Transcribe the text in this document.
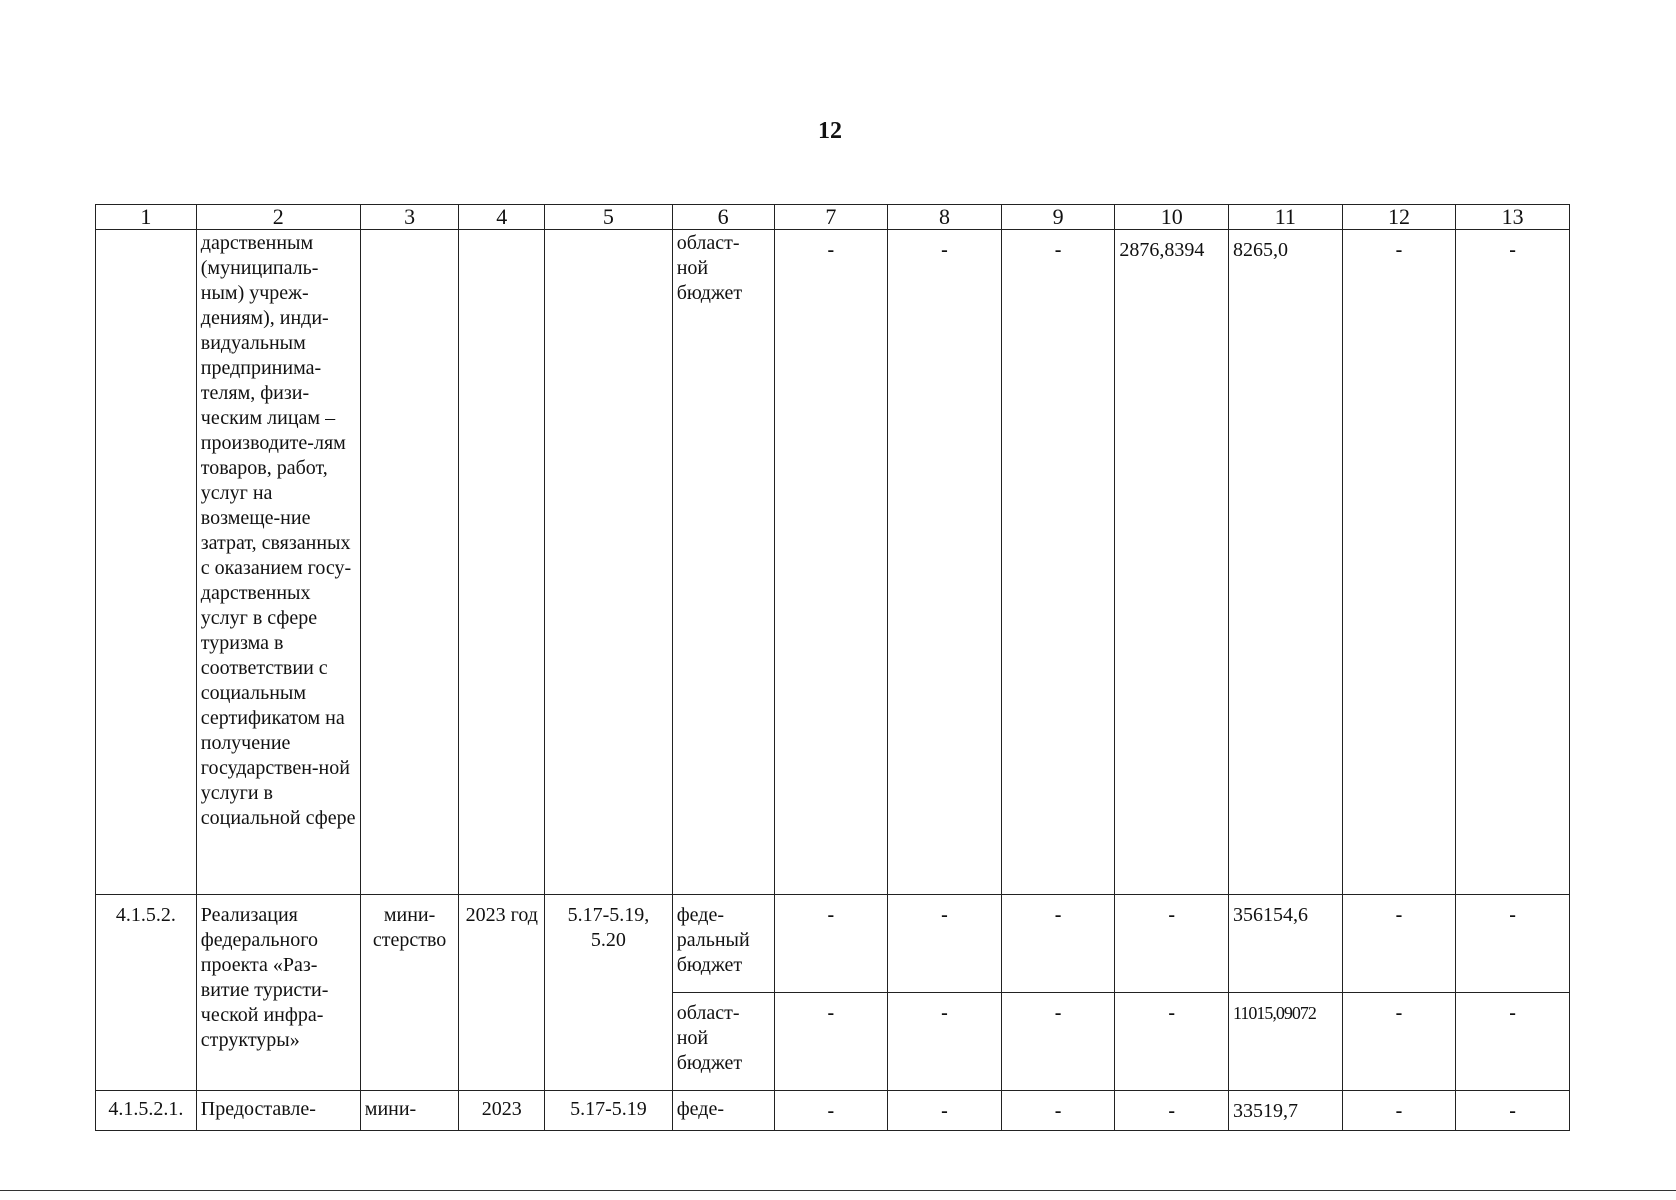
12
1	2	3	4	5	6	7	8	9	10	11	12	13
	дарственным (муниципаль-ным) учреж-дениям), инди-видуальным предпринима-телям, физи-ческим лицам – производите-лям товаров, работ, услуг на возмеще-ние затрат, связанных с оказанием госу-дарственных услуг в сфере туризма в соответствии с социальным сертификатом на получение государствен-ной услуги в социальной сфере				област-ной бюджет	-	-	-	2876,8394	8265,0	-	-
4.1.5.2.	Реализация федерального проекта «Раз-витие туристи-ческой инфра-структуры»	мини-стерство	2023 год	5.17-5.19, 5.20	феде-ральный бюджет	-	-	-	-	356154,6	-	-
					област-ной бюджет	-	-	-	-	11015,09072	-	-
4.1.5.2.1.	Предоставле-	мини-	2023	5.17-5.19	феде-	-	-	-	-	33519,7	-	-
